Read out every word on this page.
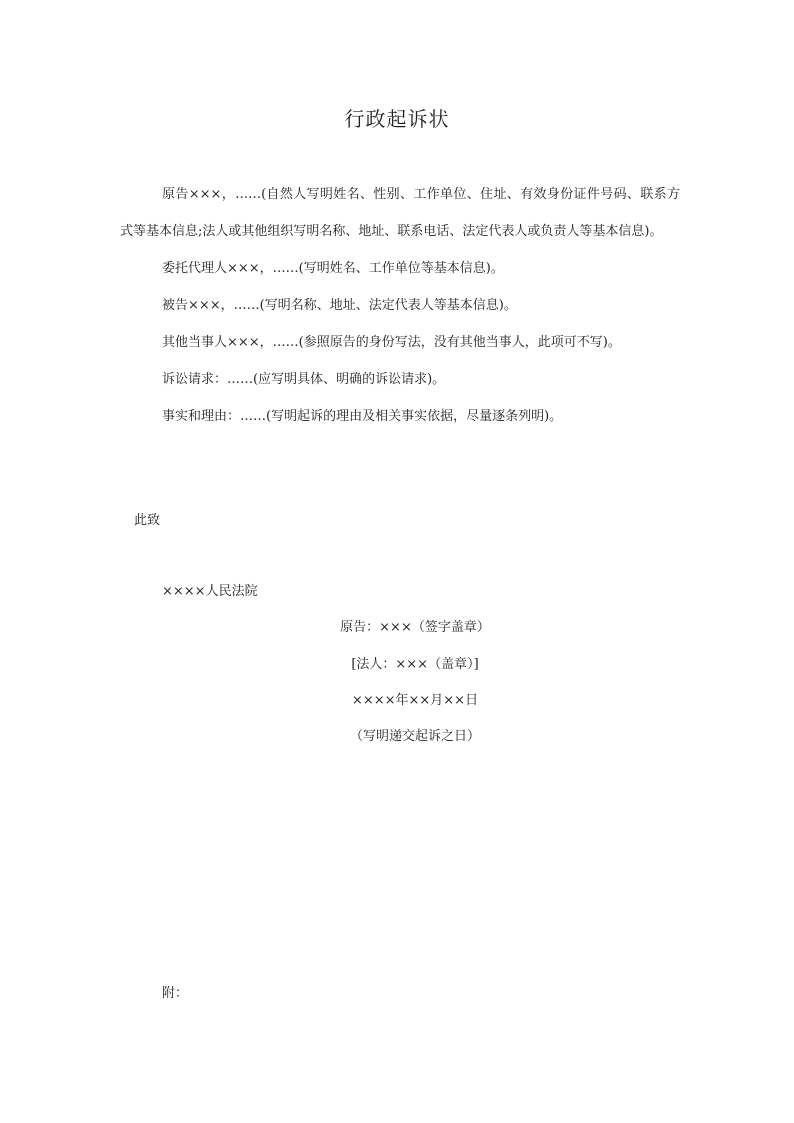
行政起诉状

原告×××，……(自然人写明姓名、性别、工作单位、住址、有效身份证件号码、联系方式等基本信息;法人或其他组织写明名称、地址、联系电话、法定代表人或负责人等基本信息)。

委托代理人×××，……(写明姓名、工作单位等基本信息)。

被告×××，……(写明名称、地址、法定代表人等基本信息)。

其他当事人×××，……(参照原告的身份写法，没有其他当事人，此项可不写)。

诉讼请求：……(应写明具体、明确的诉讼请求)。

事实和理由：……(写明起诉的理由及相关事实依据，尽量逐条列明)。

此致
××××人民法院
原告：×××（签字盖章）
[法人：×××（盖章）]
××××年××月××日
（写明递交起诉之日）
附：
